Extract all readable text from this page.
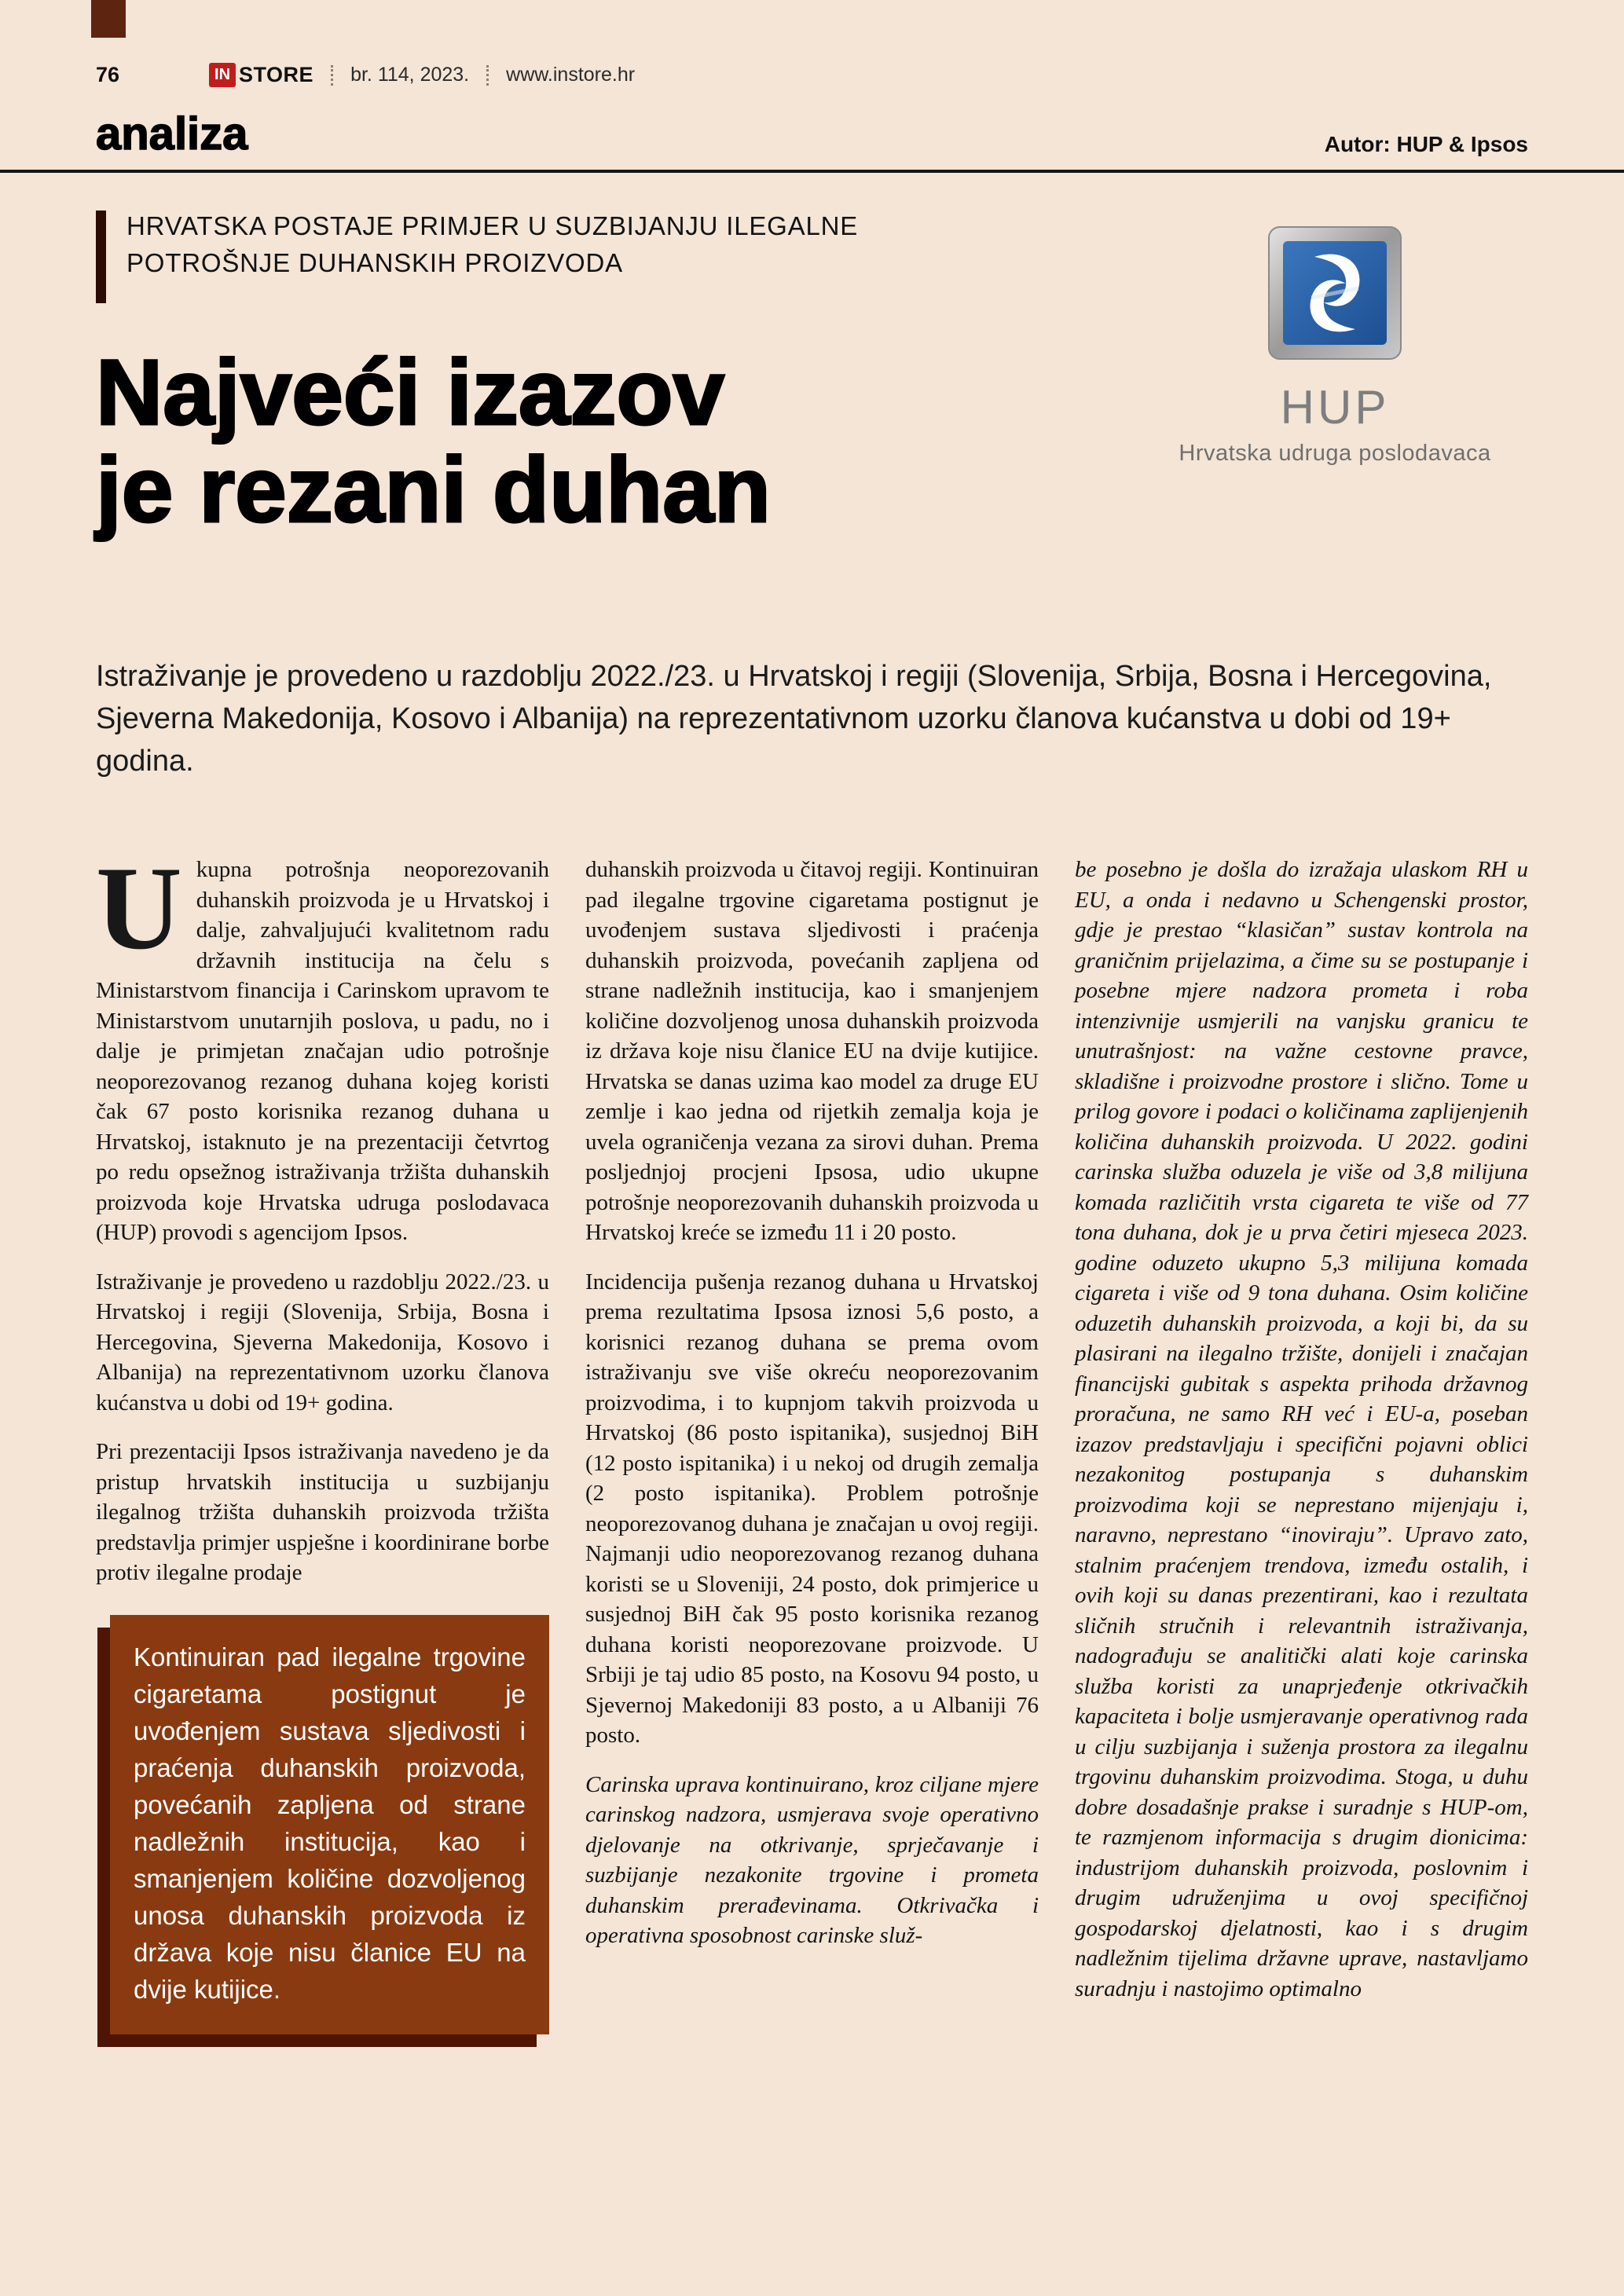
76	IN STORE br. 114, 2023. www.instore.hr
analiza	Autor: HUP & Ipsos
HRVATSKA POSTAJE PRIMJER U SUZBIJANJU ILEGALNE
POTROŠNJE DUHANSKIH PROIZVODA
HUP
Hrvatska udruga poslodavaca
Najveći izazov
je rezani duhan

Istraživanje je provedeno u razdoblju 2022./23. u Hrvatskoj i regiji (Slovenija, Srbija, Bosna i Hercegovina, Sjeverna Makedonija, Kosovo i Albanija) na reprezentativnom uzorku članova kućanstva u dobi od 19+ godina.

Ukupna potrošnja neoporezovanih duhanskih proizvoda je u Hrvatskoj i dalje, zahvaljujući kvalitetnom radu državnih institucija na čelu s Ministarstvom financija i Carinskom upravom te Ministarstvom unutarnjih poslova, u padu, no i dalje je primjetan značajan udio potrošnje neoporezovanog rezanog duhana kojeg koristi čak 67 posto korisnika rezanog duhana u Hrvatskoj, istaknuto je na prezentaciji četvrtog po redu opsežnog istraživanja tržišta duhanskih proizvoda koje Hrvatska udruga poslodavaca (HUP) provodi s agencijom Ipsos.

Istraživanje je provedeno u razdoblju 2022./23. u Hrvatskoj i regiji (Slovenija, Srbija, Bosna i Hercegovina, Sjeverna Makedonija, Kosovo i Albanija) na reprezentativnom uzorku članova kućanstva u dobi od 19+ godina.

Pri prezentaciji Ipsos istraživanja navedeno je da pristup hrvatskih institucija u suzbijanju ilegalnog tržišta duhanskih proizvoda tržišta predstavlja primjer uspješne i koordinirane borbe protiv ilegalne prodaje

Kontinuiran pad ilegalne trgovine cigaretama postignut je uvođenjem sustava sljedivosti i praćenja duhanskih proizvoda, povećanih zapljena od strane nadležnih institucija, kao i smanjenjem količine dozvoljenog unosa duhanskih proizvoda iz država koje nisu članice EU na dvije kutijice.

duhanskih proizvoda u čitavoj regiji. Kontinuiran pad ilegalne trgovine cigaretama postignut je uvođenjem sustava sljedivosti i praćenja duhanskih proizvoda, povećanih zapljena od strane nadležnih institucija, kao i smanjenjem količine dozvoljenog unosa duhanskih proizvoda iz država koje nisu članice EU na dvije kutijice. Hrvatska se danas uzima kao model za druge EU zemlje i kao jedna od rijetkih zemalja koja je uvela ograničenja vezana za sirovi duhan. Prema posljednjoj procjeni Ipsosa, udio ukupne potrošnje neoporezovanih duhanskih proizvoda u Hrvatskoj kreće se između 11 i 20 posto.

Incidencija pušenja rezanog duhana u Hrvatskoj prema rezultatima Ipsosa iznosi 5,6 posto, a korisnici rezanog duhana se prema ovom istraživanju sve više okreću neoporezovanim proizvodima, i to kupnjom takvih proizvoda u Hrvatskoj (86 posto ispitanika), susjednoj BiH (12 posto ispitanika) i u nekoj od drugih zemalja (2 posto ispitanika). Problem potrošnje neoporezovanog duhana je značajan u ovoj regiji. Najmanji udio neoporezovanog rezanog duhana koristi se u Sloveniji, 24 posto, dok primjerice u susjednoj BiH čak 95 posto korisnika rezanog duhana koristi neoporezovane proizvode. U Srbiji je taj udio 85 posto, na Kosovu 94 posto, u Sjevernoj Makedoniji 83 posto, a u Albaniji 76 posto.

Carinska uprava kontinuirano, kroz ciljane mjere carinskog nadzora, usmjerava svoje operativno djelovanje na otkrivanje, sprječavanje i suzbijanje nezakonite trgovine i prometa duhanskim prerađevinama. Otkrivačka i operativna sposobnost carinske služ-

be posebno je došla do izražaja ulaskom RH u EU, a onda i nedavno u Schengenski prostor, gdje je prestao “klasičan” sustav kontrola na graničnim prijelazima, a čime su se postupanje i posebne mjere nadzora prometa i roba intenzivnije usmjerili na vanjsku granicu te unutrašnjost: na važne cestovne pravce, skladišne i proizvodne prostore i slično. Tome u prilog govore i podaci o količinama zaplijenjenih količina duhanskih proizvoda. U 2022. godini carinska služba oduzela je više od 3,8 milijuna komada različitih vrsta cigareta te više od 77 tona duhana, dok je u prva četiri mjeseca 2023. godine oduzeto ukupno 5,3 milijuna komada cigareta i više od 9 tona duhana. Osim količine oduzetih duhanskih proizvoda, a koji bi, da su plasirani na ilegalno tržište, donijeli i značajan financijski gubitak s aspekta prihoda državnog proračuna, ne samo RH već i EU-a, poseban izazov predstavljaju i specifični pojavni oblici nezakonitog postupanja s duhanskim proizvodima koji se neprestano mijenjaju i, naravno, neprestano “inoviraju”. Upravo zato, stalnim praćenjem trendova, između ostalih, i ovih koji su danas prezentirani, kao i rezultata sličnih stručnih i relevantnih istraživanja, nadograđuju se analitički alati koje carinska služba koristi za unaprjeđenje otkrivačkih kapaciteta i bolje usmjeravanje operativnog rada u cilju suzbijanja i suženja prostora za ilegalnu trgovinu duhanskim proizvodima. Stoga, u duhu dobre dosadašnje prakse i suradnje s HUP-om, te razmjenom informacija s drugim dionicima: industrijom duhanskih proizvoda, poslovnim i drugim udruženjima u ovoj specifičnoj gospodarskoj djelatnosti, kao i s drugim nadležnim tijelima državne uprave, nastavljamo suradnju i nastojimo optimalno
